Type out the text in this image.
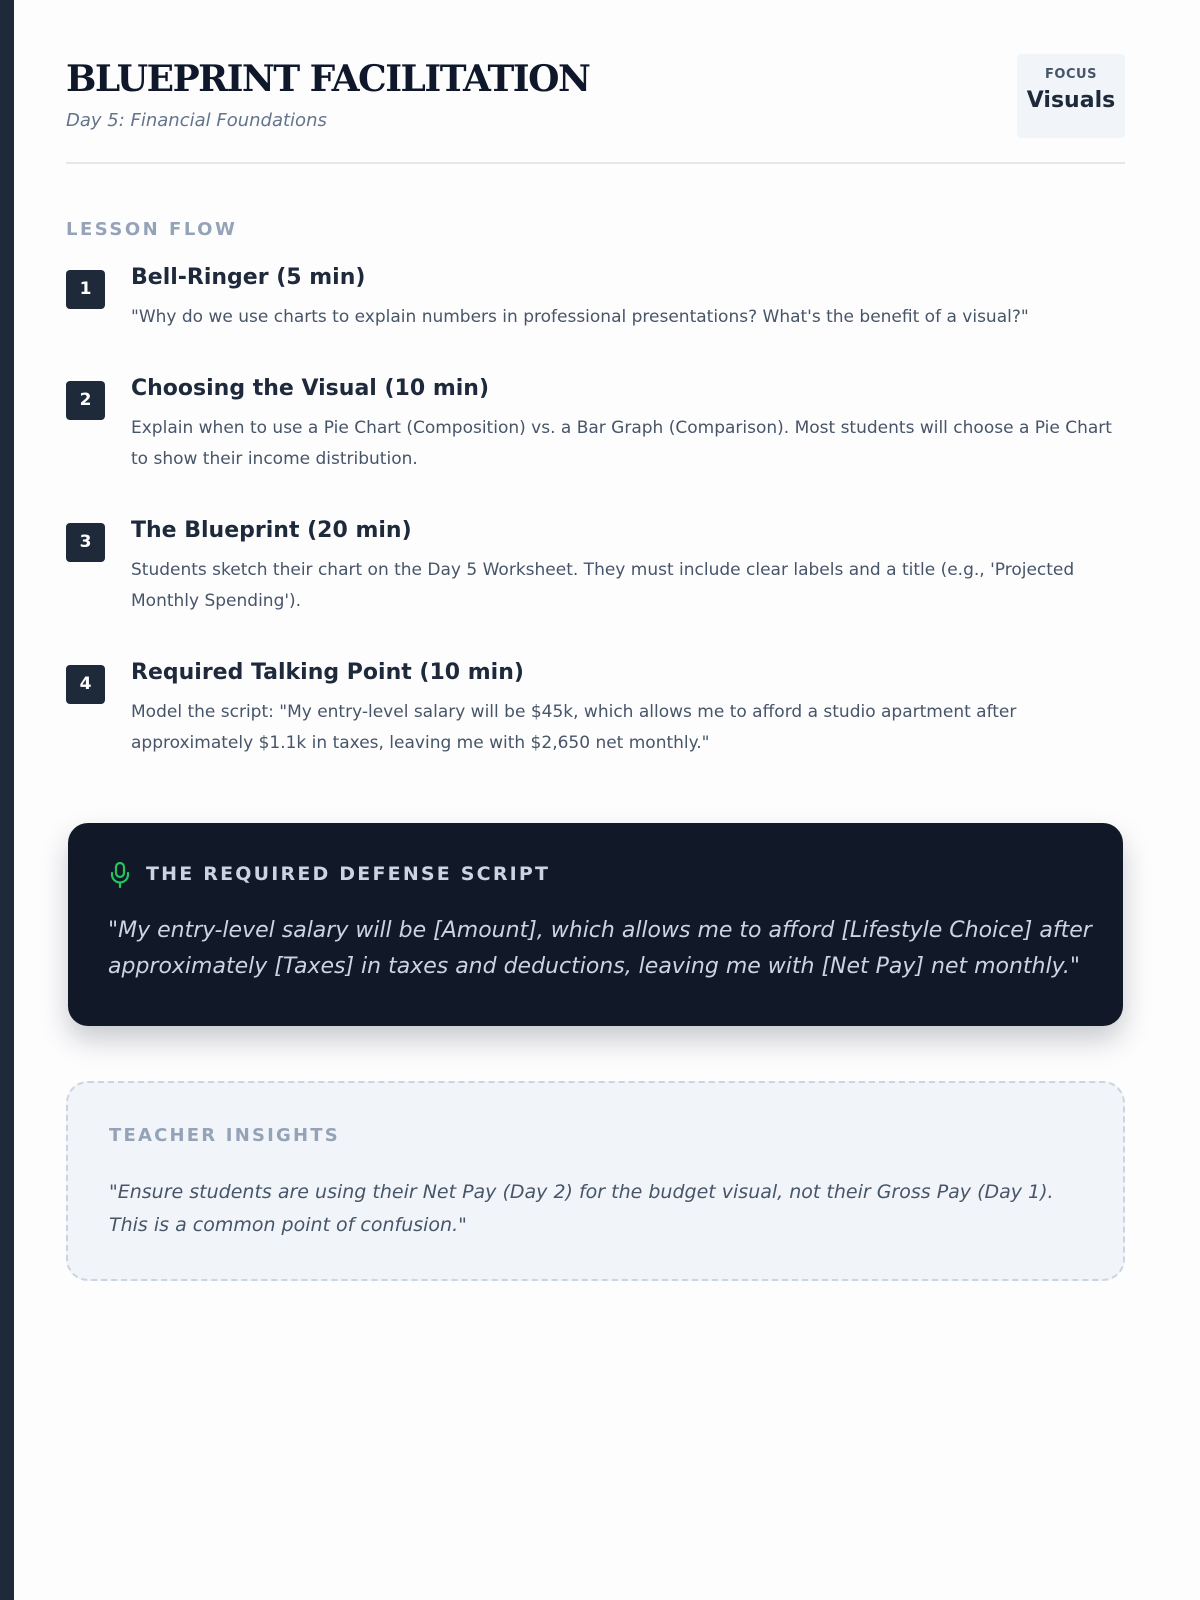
BLUEPRINT FACILITATION
Day 5: Financial Foundations
FOCUS
Visuals
LESSON FLOW
1	Bell-Ringer (5 min)
"Why do we use charts to explain numbers in professional presentations? What's the benefit of a visual?"
2	Choosing the Visual (10 min)
Explain when to use a Pie Chart (Composition) vs. a Bar Graph (Comparison). Most students will choose a Pie Chart to show their income distribution.
3	The Blueprint (20 min)
Students sketch their chart on the Day 5 Worksheet. They must include clear labels and a title (e.g., 'Projected Monthly Spending').
4	Required Talking Point (10 min)
Model the script: "My entry-level salary will be $45k, which allows me to afford a studio apartment after approximately $1.1k in taxes, leaving me with $2,650 net monthly."
THE REQUIRED DEFENSE SCRIPT
"My entry-level salary will be [Amount], which allows me to afford [Lifestyle Choice] after approximately [Taxes] in taxes and deductions, leaving me with [Net Pay] net monthly."
TEACHER INSIGHTS
"Ensure students are using their Net Pay (Day 2) for the budget visual, not their Gross Pay (Day 1). This is a common point of confusion."
